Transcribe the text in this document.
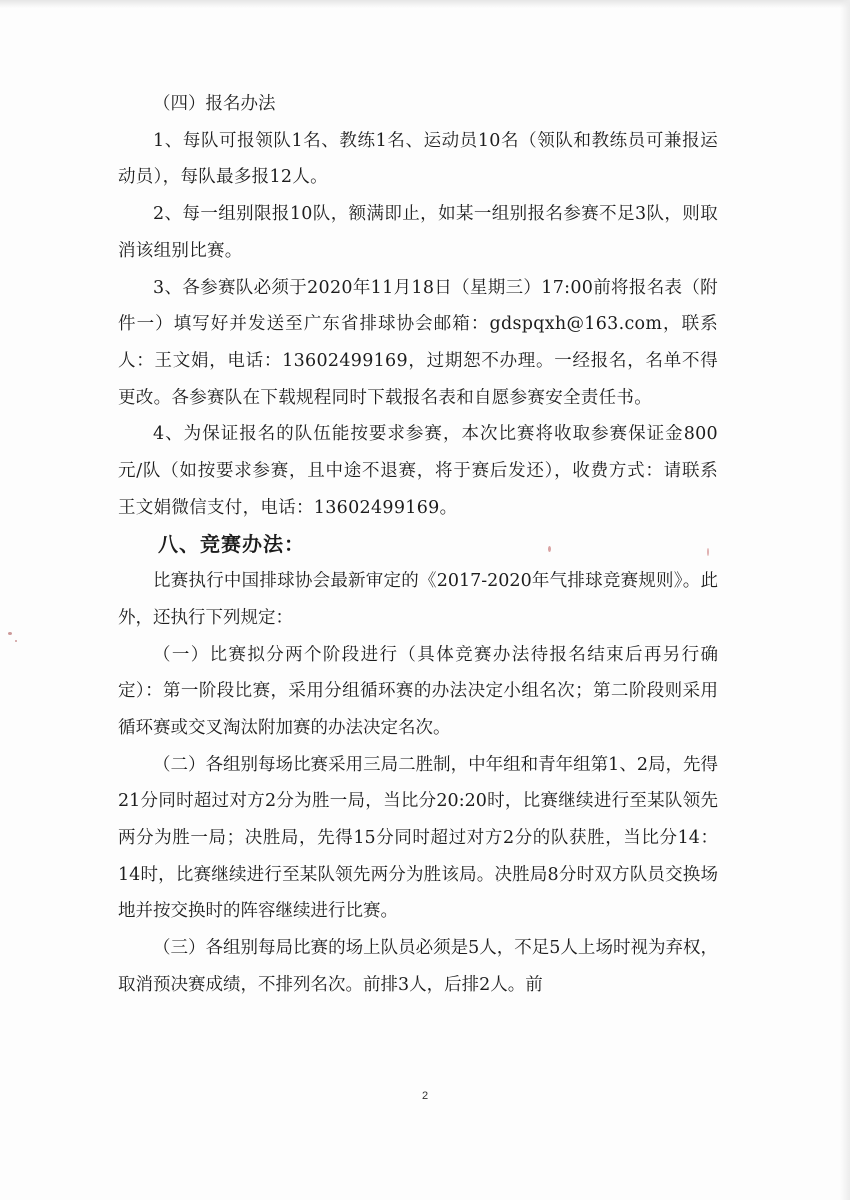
（四）报名办法

1、每队可报领队1名、教练1名、运动员10名（领队和教练员可兼报运动员），每队最多报12人。

2、每一组别限报10队，额满即止，如某一组别报名参赛不足3队，则取消该组别比赛。

3、各参赛队必须于2020年11月18日（星期三）17:00前将报名表（附件一）填写好并发送至广东省排球协会邮箱：gdspqxh@163.com，联系人：王文娟，电话：13602499169，过期恕不办理。一经报名，名单不得更改。各参赛队在下载规程同时下载报名表和自愿参赛安全责任书。

4、为保证报名的队伍能按要求参赛，本次比赛将收取参赛保证金800元/队（如按要求参赛，且中途不退赛，将于赛后发还），收费方式：请联系王文娟微信支付，电话：13602499169。

八、竞赛办法：

比赛执行中国排球协会最新审定的《2017-2020年气排球竞赛规则》。此外，还执行下列规定：

（一）比赛拟分两个阶段进行（具体竞赛办法待报名结束后再另行确定）：第一阶段比赛，采用分组循环赛的办法决定小组名次；第二阶段则采用循环赛或交叉淘汰附加赛的办法决定名次。

（二）各组别每场比赛采用三局二胜制，中年组和青年组第1、2局，先得21分同时超过对方2分为胜一局，当比分20:20时，比赛继续进行至某队领先两分为胜一局；决胜局，先得15分同时超过对方2分的队获胜，当比分14：14时，比赛继续进行至某队领先两分为胜该局。决胜局8分时双方队员交换场地并按交换时的阵容继续进行比赛。

（三）各组别每局比赛的场上队员必须是5人，不足5人上场时视为弃权，取消预决赛成绩，不排列名次。前排3人，后排2人。前

2
